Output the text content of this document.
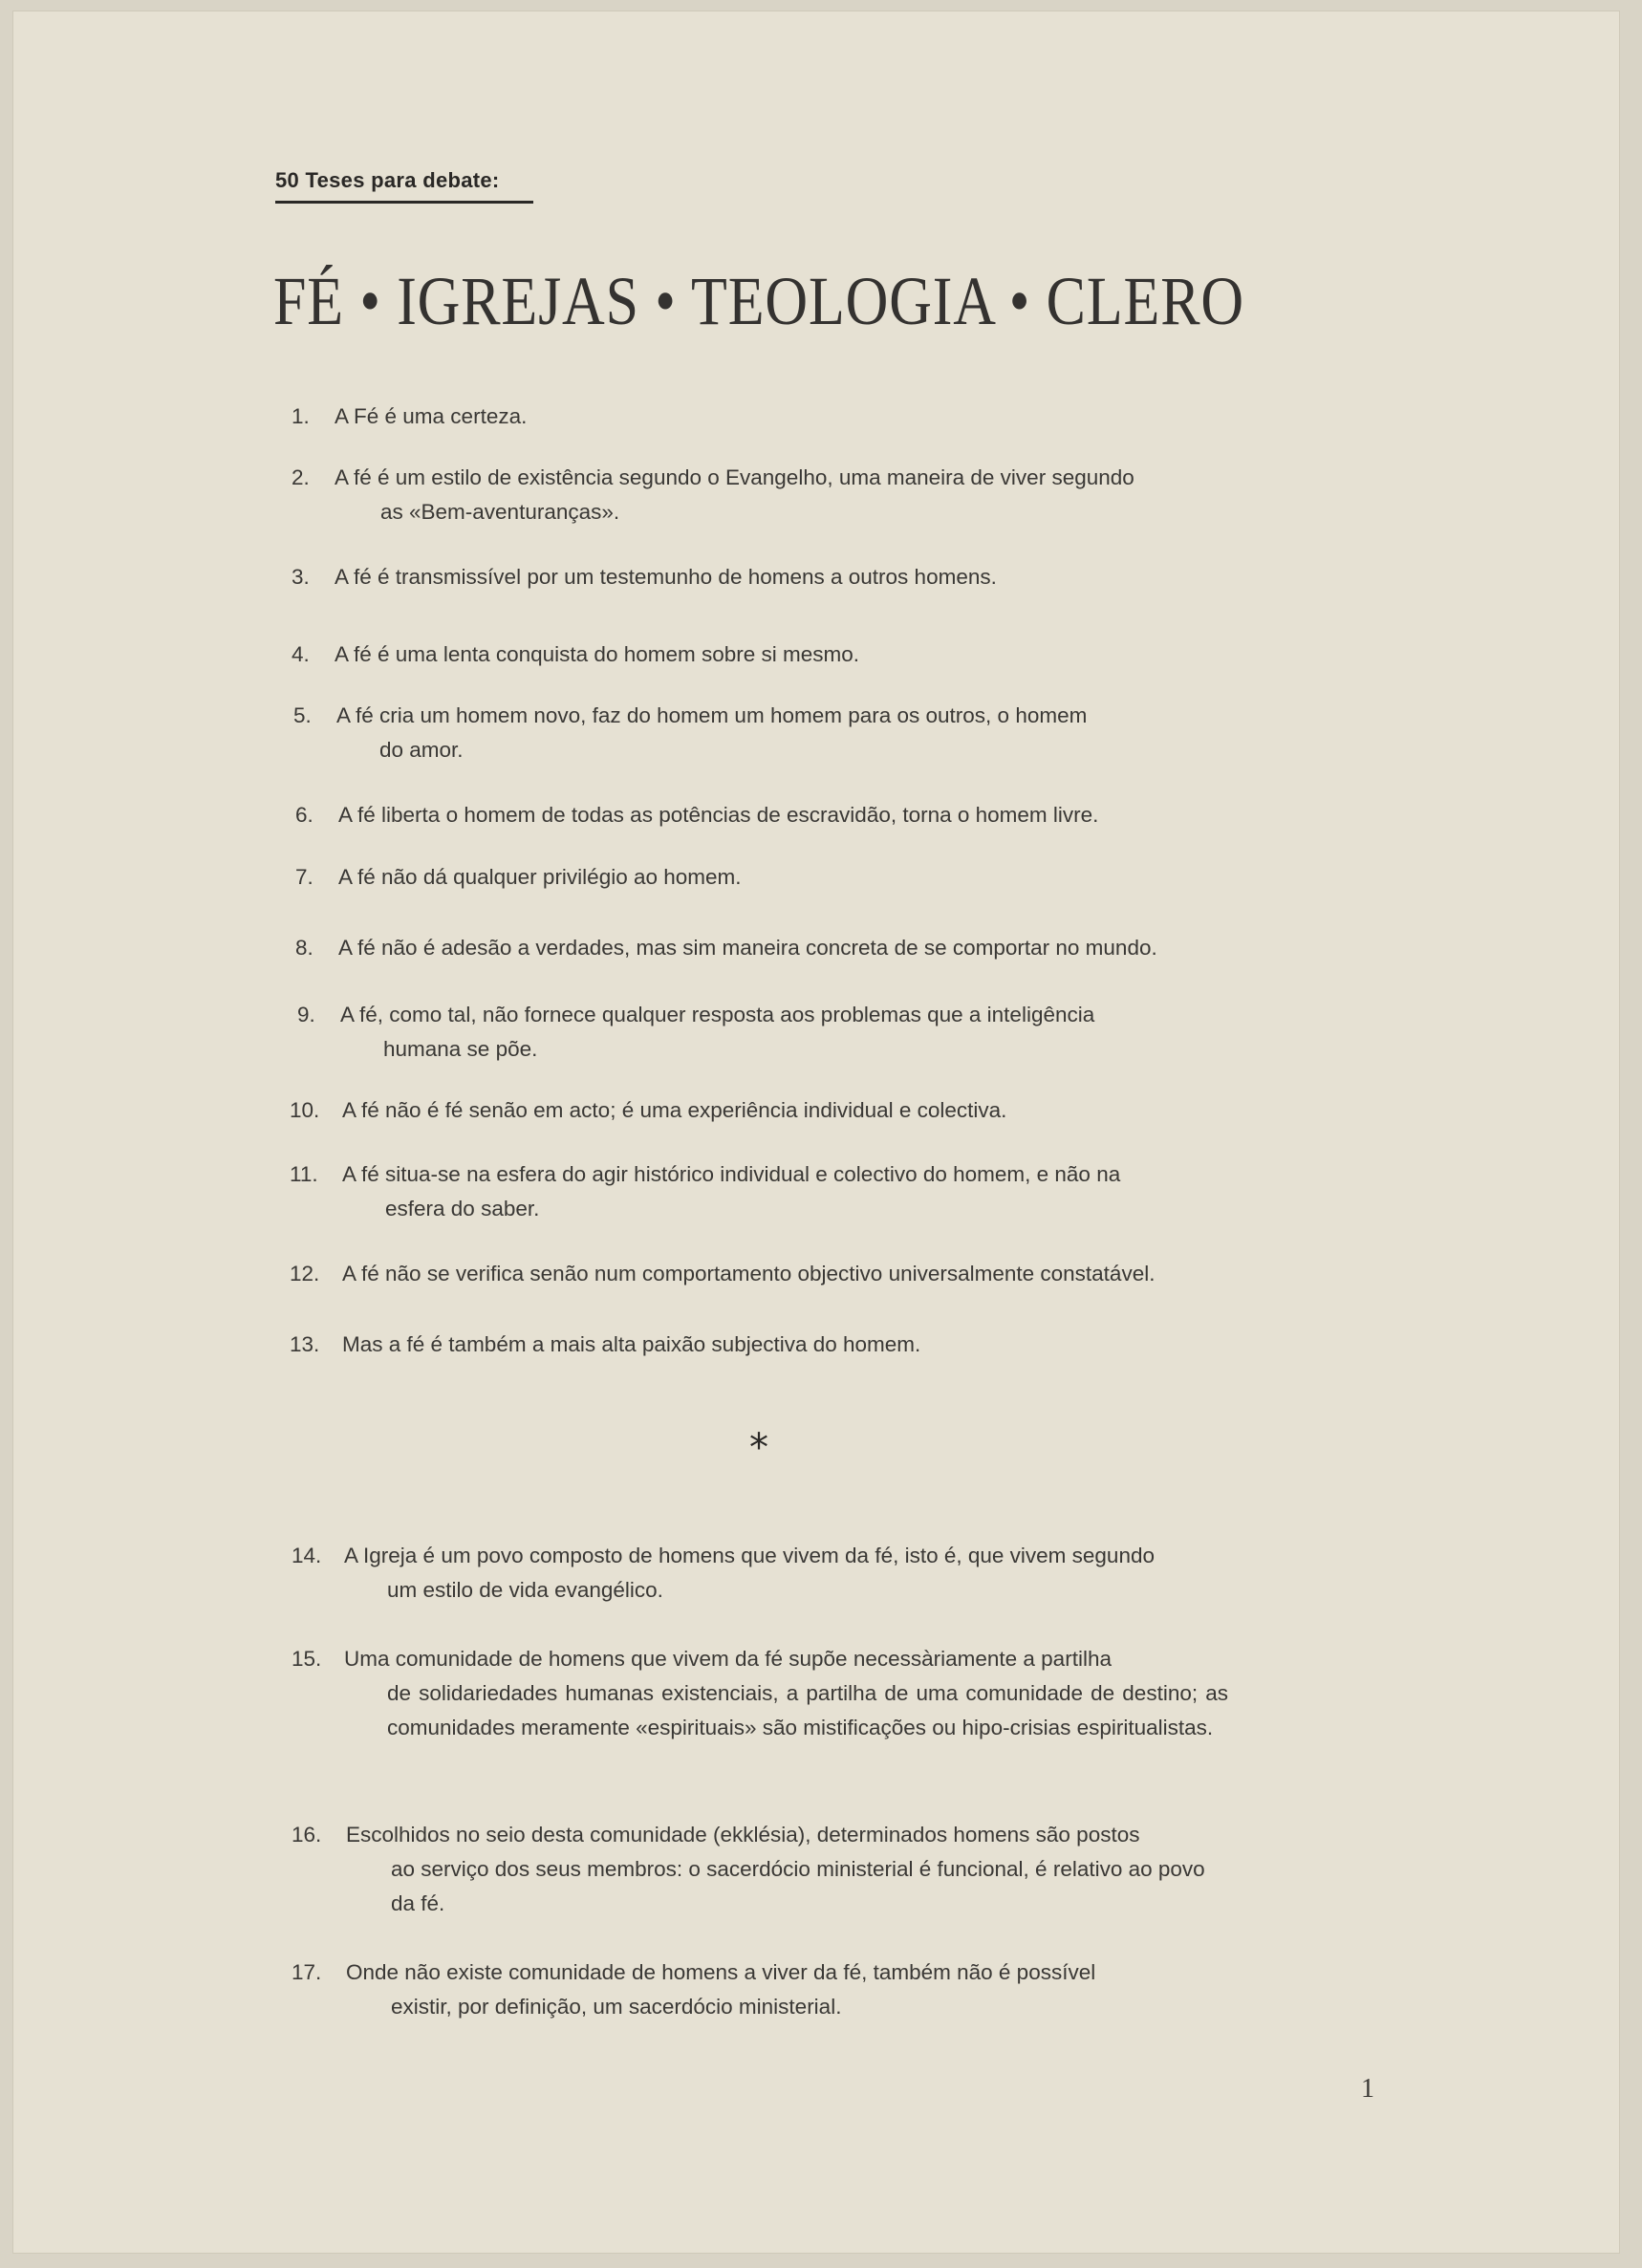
50 Teses para debate:
FÉ • IGREJAS • TEOLOGIA • CLERO
1. A Fé é uma certeza.
2. A fé é um estilo de existência segundo o Evangelho, uma maneira de viver segundo
as «Bem-aventuranças».
3. A fé é transmissível por um testemunho de homens a outros homens.
4. A fé é uma lenta conquista do homem sobre si mesmo.
5. A fé cria um homem novo, faz do homem um homem para os outros, o homem
do amor.
6. A fé liberta o homem de todas as potências de escravidão, torna o homem livre.
7. A fé não dá qualquer privilégio ao homem.
8. A fé não é adesão a verdades, mas sim maneira concreta de se comportar no mundo.
9. A fé, como tal, não fornece qualquer resposta aos problemas que a inteligência
humana se põe.
10. A fé não é fé senão em acto; é uma experiência individual e colectiva.
11. A fé situa-se na esfera do agir histórico individual e colectivo do homem, e não na
esfera do saber.
12. A fé não se verifica senão num comportamento objectivo universalmente constatável.
13. Mas a fé é também a mais alta paixão subjectiva do homem.
*
14. A Igreja é um povo composto de homens que vivem da fé, isto é, que vivem segundo
um estilo de vida evangélico.
15. Uma comunidade de homens que vivem da fé supõe necessàriamente a partilha
de solidariedades humanas existenciais, a partilha de uma comunidade de destino; as comunidades meramente «espirituais» são mistificações ou hipo-crisias espiritualistas.
16. Escolhidos no seio desta comunidade (ekklésia), determinados homens são postos
ao serviço dos seus membros: o sacerdócio ministerial é funcional, é relativo ao povo da fé.
17. Onde não existe comunidade de homens a viver da fé, também não é possível
existir, por definição, um sacerdócio ministerial.
1
